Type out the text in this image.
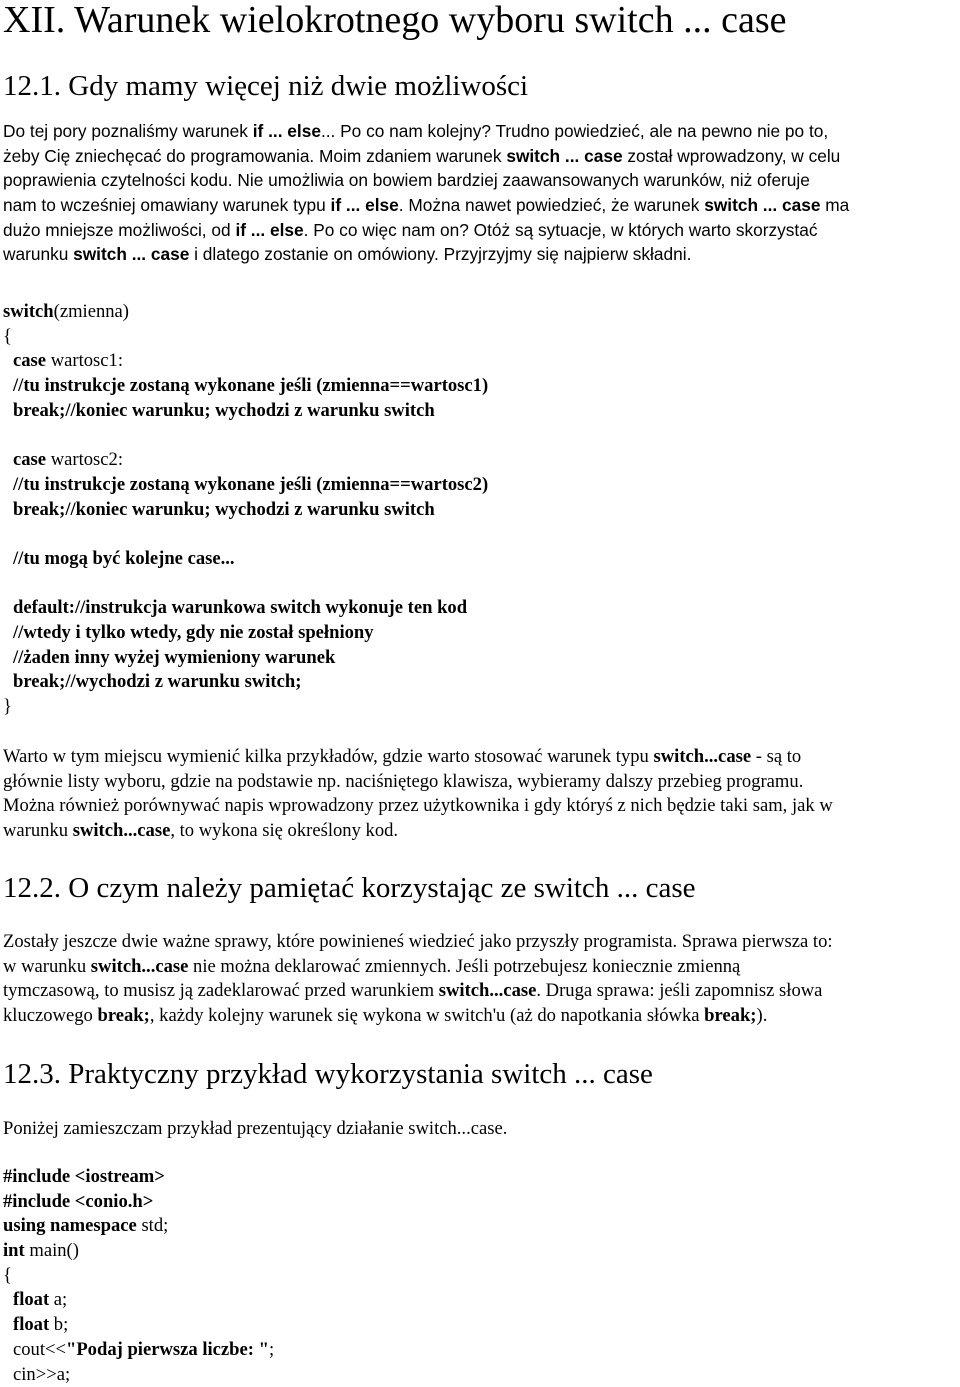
XII. Warunek wielokrotnego wyboru switch ... case
12.1. Gdy mamy więcej niż dwie możliwości
Do tej pory poznaliśmy warunek if ... else... Po co nam kolejny? Trudno powiedzieć, ale na pewno nie po to,
żeby Cię zniechęcać do programowania. Moim zdaniem warunek switch ... case został wprowadzony, w celu
poprawienia czytelności kodu. Nie umożliwia on bowiem bardziej zaawansowanych warunków, niż oferuje
nam to wcześniej omawiany warunek typu if ... else. Można nawet powiedzieć, że warunek switch ... case ma
dużo mniejsze możliwości, od if ... else. Po co więc nam on? Otóż są sytuacje, w których warto skorzystać
warunku switch ... case i dlatego zostanie on omówiony. Przyjrzyjmy się najpierw składni.
switch(zmienna)
{
case wartosc1:
//tu instrukcje zostaną wykonane jeśli (zmienna==wartosc1)
break;//koniec warunku; wychodzi z warunku switch
case wartosc2:
//tu instrukcje zostaną wykonane jeśli (zmienna==wartosc2)
break;//koniec warunku; wychodzi z warunku switch
//tu mogą być kolejne case...
default://instrukcja warunkowa switch wykonuje ten kod
//wtedy i tylko wtedy, gdy nie został spełniony
//żaden inny wyżej wymieniony warunek
break;//wychodzi z warunku switch;
}
Warto w tym miejscu wymienić kilka przykładów, gdzie warto stosować warunek typu switch...case - są to
głównie listy wyboru, gdzie na podstawie np. naciśniętego klawisza, wybieramy dalszy przebieg programu.
Można również porównywać napis wprowadzony przez użytkownika i gdy któryś z nich będzie taki sam, jak w
warunku switch...case, to wykona się określony kod.
12.2. O czym należy pamiętać korzystając ze switch ... case
Zostały jeszcze dwie ważne sprawy, które powinieneś wiedzieć jako przyszły programista. Sprawa pierwsza to:
w warunku switch...case nie można deklarować zmiennych. Jeśli potrzebujesz koniecznie zmienną
tymczasową, to musisz ją zadeklarować przed warunkiem switch...case. Druga sprawa: jeśli zapomnisz słowa
kluczowego break;, każdy kolejny warunek się wykona w switch'u (aż do napotkania słówka break;).
12.3. Praktyczny przykład wykorzystania switch ... case
Poniżej zamieszczam przykład prezentujący działanie switch...case.
#include <iostream>
#include <conio.h>
using namespace std;
int main()
{
float a;
float b;
cout<<"Podaj pierwsza liczbe: ";
cin>>a;
